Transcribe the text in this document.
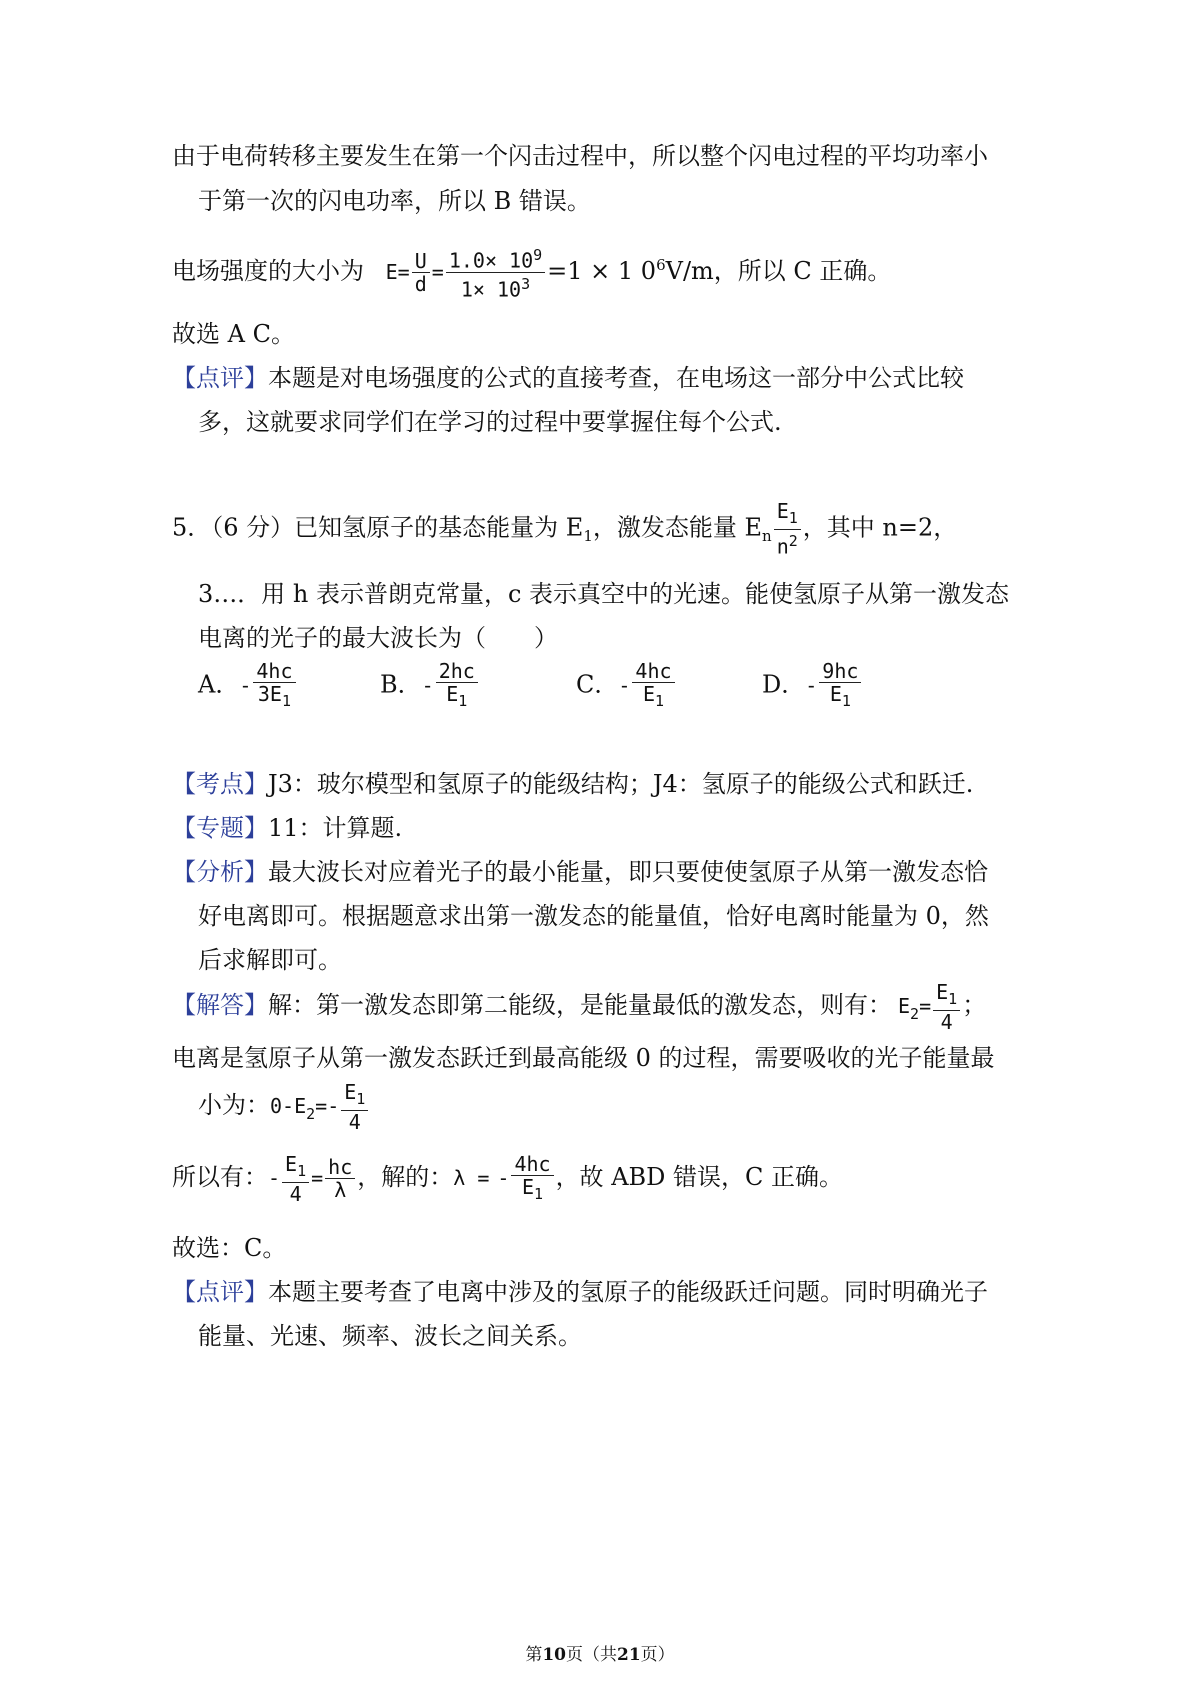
由于电荷转移主要发生在第一个闪击过程中，所以整个闪电过程的平均功率小
于第一次的闪电功率，所以 B 错误。
电场强度的大小为 $E= \frac{U}{d} = \frac{1.0\times 10^9}{1\times 10^3} =1 \times 1$ $0^6V/m$，所以 C 正确。
故选 A C。
【点评】本题是对电场强度的公式的直接考查，在电场这一部分中公式比较
多，这就要求同学们在学习的过程中要掌握住每个公式.
5．（6 分）已知氢原子的基态能量为 $E_1$，激发态能量 $E_n \frac{E_1}{n^2}$ ，其中 n=2，
3…．用 h 表示普朗克常量，c 表示真空中的光速。能使氢原子从第一激发态
电离的光子的最大波长为（　　）
A．- $\frac{4hc}{3E_1}$	B．- $\frac{2hc}{E_1}$	C．- $\frac{4hc}{E_1}$	D．- $\frac{9hc}{E_1}$
【考点】J3：玻尔模型和氢原子的能级结构；J4：氢原子的能级公式和跃迁.
【专题】11：计算题.
【分析】最大波长对应着光子的最小能量，即只要使使氢原子从第一激发态恰
好电离即可。根据题意求出第一激发态的能量值，恰好电离时能量为 0，然
后求解即可。
【解答】解：第一激发态即第二能级，是能量最低的激发态，则有： $E_2= \frac{E_1}{4}$ ；
电离是氢原子从第一激发态跃迁到最高能级 0 的过程，需要吸收的光子能量最
小为：$0-E_2=- \frac{E_1}{4}$
所以有：- $\frac{E_1}{4} = \frac{hc}{\lambda}$ ，解的：λ = - $\frac{4hc}{E_1}$ ，故 ABD 错误，C 正确。
故选：C。
【点评】本题主要考查了电离中涉及的氢原子的能级跃迁问题。同时明确光子
能量、光速、频率、波长之间关系。
第10页（共21页）
